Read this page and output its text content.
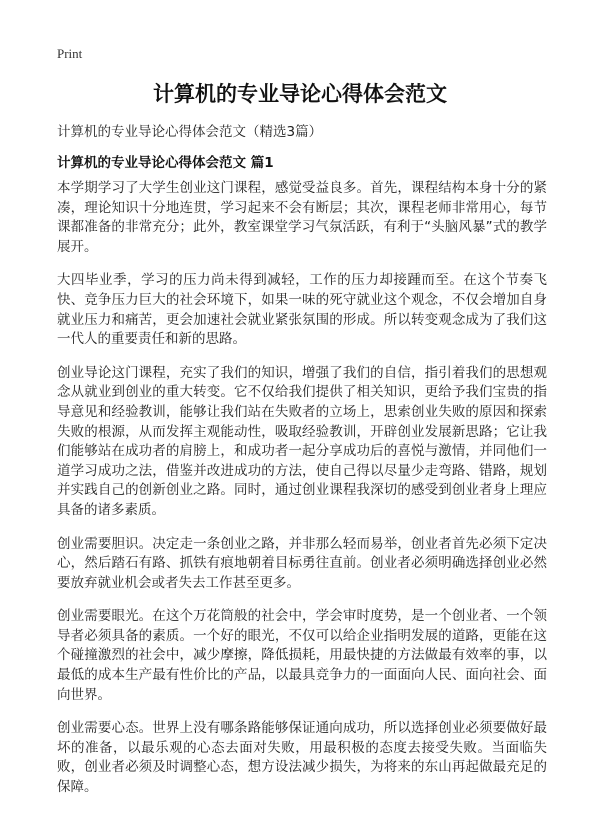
Print
计算机的专业导论心得体会范文
计算机的专业导论心得体会范文（精选3篇）
计算机的专业导论心得体会范文 篇1

本学期学习了大学生创业这门课程，感觉受益良多。首先，课程结构本身十分的紧凑，理论知识十分地连贯，学习起来不会有断层；其次，课程老师非常用心，每节课都准备的非常充分；此外，教室课堂学习气氛活跃，有利于“头脑风暴”式的教学展开。

大四毕业季，学习的压力尚未得到减轻，工作的压力却接踵而至。在这个节奏飞快、竞争压力巨大的社会环境下，如果一味的死守就业这个观念，不仅会增加自身就业压力和痛苦，更会加速社会就业紧张氛围的形成。所以转变观念成为了我们这一代人的重要责任和新的思路。

创业导论这门课程，充实了我们的知识，增强了我们的自信，指引着我们的思想观念从就业到创业的重大转变。它不仅给我们提供了相关知识，更给予我们宝贵的指导意见和经验教训，能够让我们站在失败者的立场上，思索创业失败的原因和探索失败的根源，从而发挥主观能动性，吸取经验教训，开辟创业发展新思路；它让我们能够站在成功者的肩膀上，和成功者一起分享成功后的喜悦与激情，并同他们一道学习成功之法，借鉴并改进成功的方法，使自己得以尽量少走弯路、错路，规划并实践自己的创新创业之路。同时，通过创业课程我深切的感受到创业者身上理应具备的诸多素质。

创业需要胆识。决定走一条创业之路，并非那么轻而易举，创业者首先必须下定决心，然后踏石有路、抓铁有痕地朝着目标勇往直前。创业者必须明确选择创业必然要放弃就业机会或者失去工作甚至更多。

创业需要眼光。在这个万花筒般的社会中，学会审时度势，是一个创业者、一个领导者必须具备的素质。一个好的眼光，不仅可以给企业指明发展的道路，更能在这个碰撞激烈的社会中，减少摩擦，降低损耗，用最快捷的方法做最有效率的事，以最低的成本生产最有性价比的产品，以最具竞争力的一面面向人民、面向社会、面向世界。

创业需要心态。世界上没有哪条路能够保证通向成功，所以选择创业必须要做好最坏的准备，以最乐观的心态去面对失败，用最积极的态度去接受失败。当面临失败，创业者必须及时调整心态，想方设法减少损失，为将来的东山再起做最充足的保障。
